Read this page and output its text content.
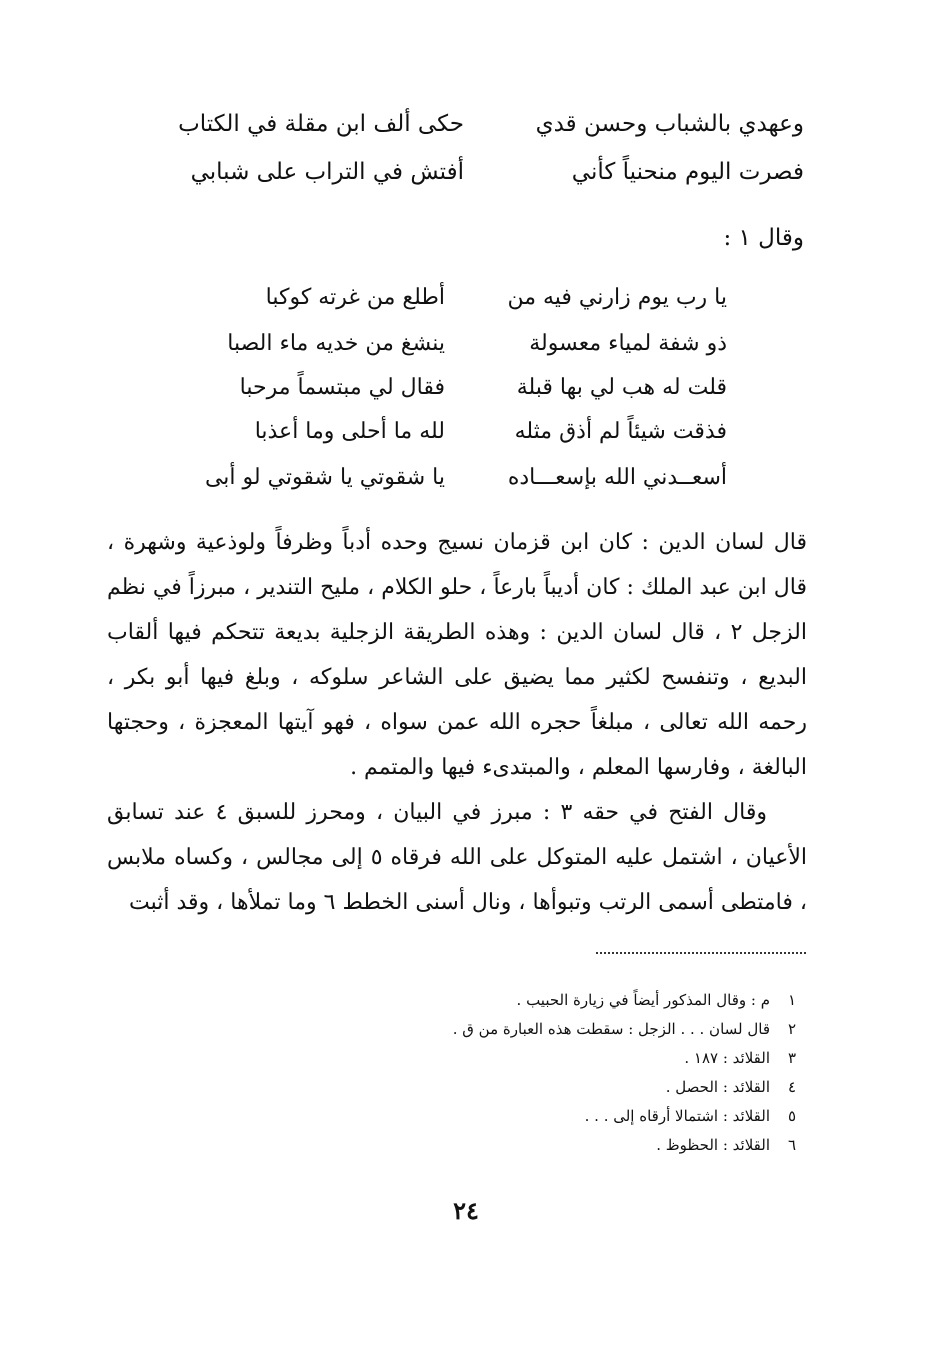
وعهدي بالشباب وحسن قدي
حكى ألف ابن مقلة في الكتاب
فصرت اليوم منحنياً كأني
أفتش في التراب على شبابي
وقال ١ :
يا رب يوم زارني فيه من
أطلع من غرته كوكبا
ذو شفة لمياء معسولة
ينشغ من خديه ماء الصبا
قلت له هب لي بها قبلة
فقال لي مبتسماً مرحبا
فذقت شيئاً لم أذق مثله
لله ما أحلى وما أعذبا
أسعــدني الله بإسعـــاده
يا شقوتي يا شقوتي لو أبى

قال لسان الدين : كان ابن قزمان نسيج وحده أدباً وظرفاً ولوذعية وشهرة ، قال ابن عبد الملك : كان أديباً بارعاً ، حلو الكلام ، مليح التندير ، مبرزاً في نظم الزجل ٢ ، قال لسان الدين : وهذه الطريقة الزجلية بديعة تتحكم فيها ألقاب البديع ، وتنفسح لكثير مما يضيق على الشاعر سلوكه ، وبلغ فيها أبو بكر ، رحمه الله تعالى ، مبلغاً حجره الله عمن سواه ، فهو آيتها المعجزة ، وحجتها البالغة ، وفارسها المعلم ، والمبتدىء فيها والمتمم .

وقال الفتح في حقه ٣ : مبرز في البيان ، ومحرز للسبق ٤ عند تسابق الأعيان ، اشتمل عليه المتوكل على الله فرقاه ٥ إلى مجالس ، وكساه ملابس ، فامتطى أسمى الرتب وتبوأها ، ونال أسنى الخطط ٦ وما تملأها ، وقد أثبت

١م : وقال المذكور أيضاً في زيارة الحبيب .
٢قال لسان . . . الزجل : سقطت هذه العبارة من ق .
٣القلائد : ١٨٧ .
٤القلائد : الحصل .
٥القلائد : اشتمالا أرقاه إلى . . .
٦القلائد : الحظوظ .
٢٤
